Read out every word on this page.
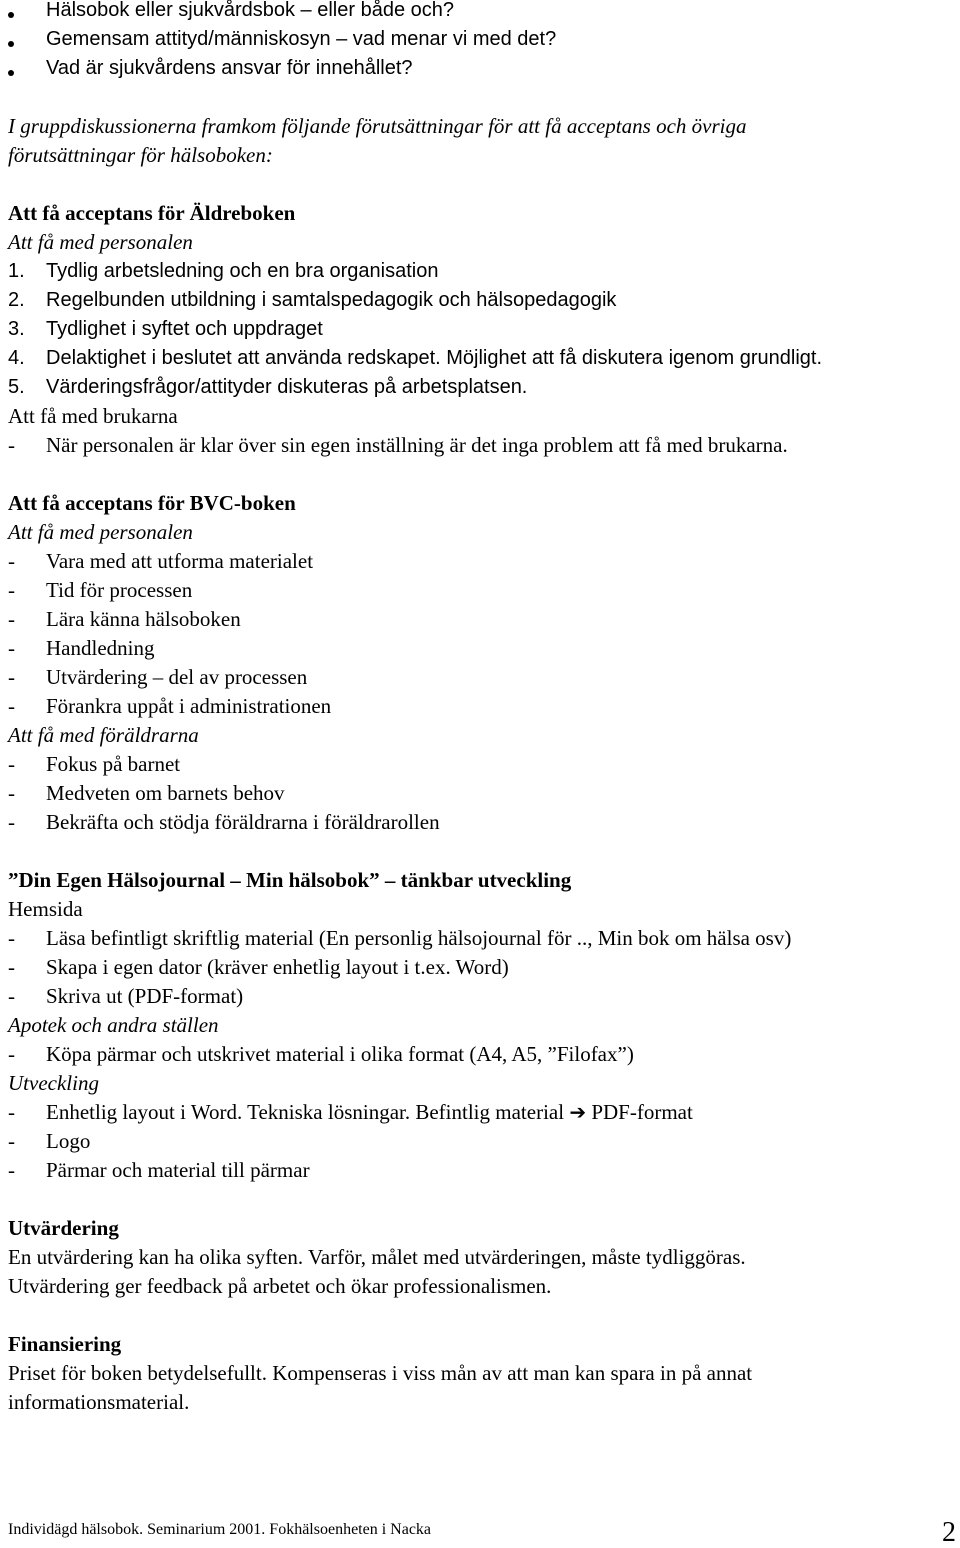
Hälsobok eller sjukvårdsbok – eller både och?

Gemensam attityd/människosyn – vad menar vi med det?

Vad är sjukvårdens ansvar för innehållet?

I gruppdiskussionerna framkom följande förutsättningar för att få acceptans och övriga

förutsättningar för hälsoboken:

Att få acceptans för Äldreboken

Att få med personalen

1. Tydlig arbetsledning och en bra organisation

2. Regelbunden utbildning i samtalspedagogik och hälsopedagogik

3. Tydlighet i syftet och uppdraget

4. Delaktighet i beslutet att använda redskapet. Möjlighet att få diskutera igenom grundligt.

5. Värderingsfrågor/attityder diskuteras på arbetsplatsen.

Att få med brukarna

- När personalen är klar över sin egen inställning är det inga problem att få med brukarna.

Att få acceptans för BVC-boken

Att få med personalen

- Vara med att utforma materialet

- Tid för processen

- Lära känna hälsoboken

- Handledning

- Utvärdering – del av processen

- Förankra uppåt i administrationen

Att få med föräldrarna

- Fokus på barnet

- Medveten om barnets behov

- Bekräfta och stödja föräldrarna i föräldrarollen

”Din Egen Hälsojournal – Min hälsobok” – tänkbar utveckling

Hemsida

- Läsa befintligt skriftlig material (En personlig hälsojournal för .., Min bok om hälsa osv)

- Skapa i egen dator (kräver enhetlig layout i t.ex. Word)

- Skriva ut (PDF-format)

Apotek och andra ställen

- Köpa pärmar och utskrivet material i olika format (A4, A5, ”Filofax”)

Utveckling

- Enhetlig layout i Word. Tekniska lösningar. Befintlig material ➔ PDF-format

- Logo

- Pärmar och material till pärmar

Utvärdering

En utvärdering kan ha olika syften. Varför, målet med utvärderingen, måste tydliggöras.

Utvärdering ger feedback på arbetet och ökar professionalismen.

Finansiering

Priset för boken betydelsefullt. Kompenseras i viss mån av att man kan spara in på annat

informationsmaterial.

Individägd hälsobok. Seminarium 2001. Fokhälsoenheten i Nacka	2
